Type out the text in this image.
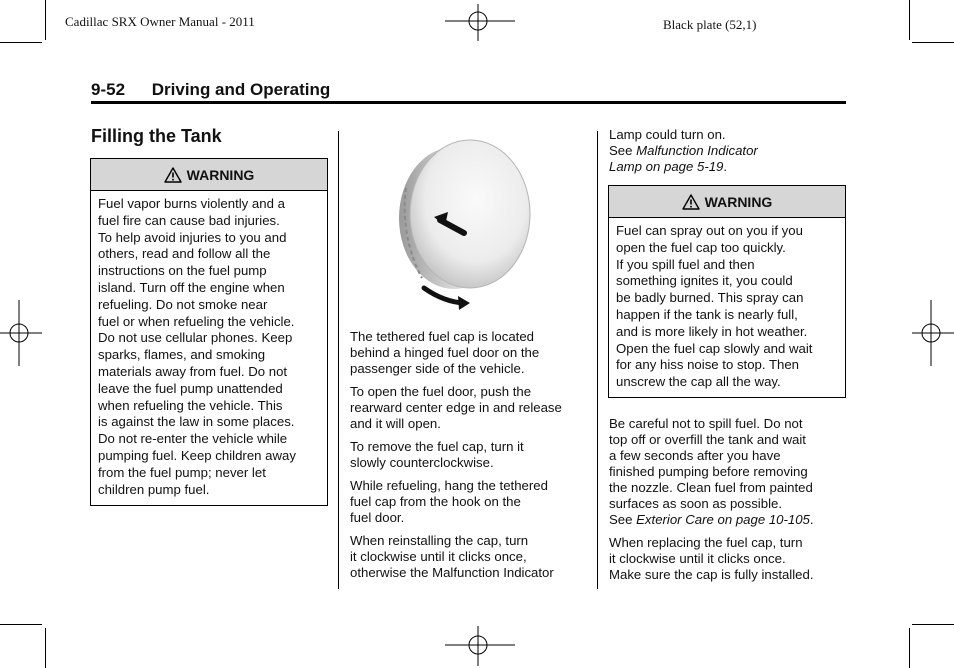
Cadillac SRX Owner Manual - 2011	Black plate (52,1)
9-52 Driving and Operating
Filling the Tank
WARNING

Fuel vapor burns violently and a

fuel fire can cause bad injuries.

To help avoid injuries to you and

others, read and follow all the

instructions on the fuel pump

island. Turn off the engine when

refueling. Do not smoke near

fuel or when refueling the vehicle.

Do not use cellular phones. Keep

sparks, flames, and smoking

materials away from fuel. Do not

leave the fuel pump unattended

when refueling the vehicle. This

is against the law in some places.

Do not re-enter the vehicle while

pumping fuel. Keep children away

from the fuel pump; never let

children pump fuel.

The tethered fuel cap is located
behind a hinged fuel door on the
passenger side of the vehicle.

To open the fuel door, push the
rearward center edge in and release
and it will open.

To remove the fuel cap, turn it
slowly counterclockwise.

While refueling, hang the tethered
fuel cap from the hook on the
fuel door.

When reinstalling the cap, turn
it clockwise until it clicks once,
otherwise the Malfunction Indicator

Lamp could turn on.
See Malfunction Indicator
Lamp on page 5-19.
WARNING

Fuel can spray out on you if you

open the fuel cap too quickly.

If you spill fuel and then

something ignites it, you could

be badly burned. This spray can

happen if the tank is nearly full,

and is more likely in hot weather.

Open the fuel cap slowly and wait

for any hiss noise to stop. Then

unscrew the cap all the way.

Be careful not to spill fuel. Do not
top off or overfill the tank and wait
a few seconds after you have
finished pumping before removing
the nozzle. Clean fuel from painted
surfaces as soon as possible.
See Exterior Care on page 10-105.

When replacing the fuel cap, turn
it clockwise until it clicks once.
Make sure the cap is fully installed.
